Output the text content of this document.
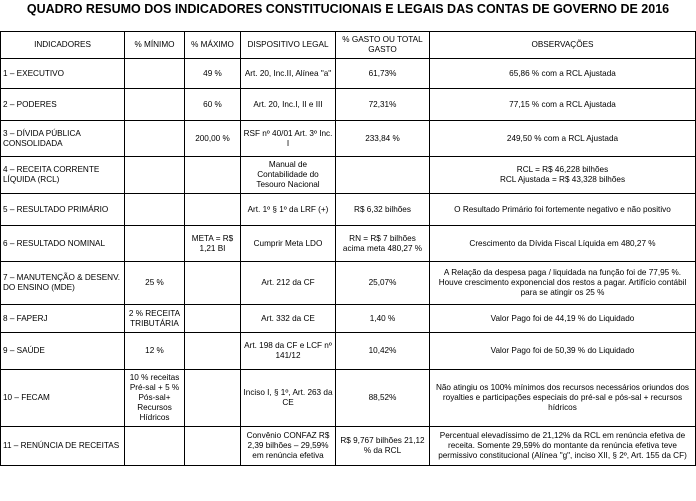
QUADRO RESUMO DOS INDICADORES CONSTITUCIONAIS E LEGAIS DAS CONTAS DE GOVERNO DE 2016
INDICADORES	% MÍNIMO	% MÁXIMO	DISPOSITIVO LEGAL	% GASTO OU TOTAL GASTO	OBSERVAÇÕES
1 – EXECUTIVO		49 %	Art. 20, Inc.II, Alínea "a"	61,73%	65,86 % com a RCL Ajustada
2 – PODERES		60 %	Art. 20, Inc.I, II e III	72,31%	77,15 % com a RCL Ajustada
3 – DÍVIDA PÚBLICA CONSOLIDADA		200,00 %	RSF nº 40/01 Art. 3º Inc. I	233,84 %	249,50 % com a RCL Ajustada
4 – RECEITA CORRENTE LÍQUIDA (RCL)			Manual de Contabilidade do Tesouro Nacional		RCL = R$ 46,228 bilhões
RCL Ajustada = R$ 43,328 bilhões

5 – RESULTADO PRIMÁRIO			Art. 1º § 1º da LRF (+)	R$ 6,32 bilhões	O Resultado Primário foi fortemente negativo e não positivo
6 – RESULTADO NOMINAL		META = R$ 1,21 BI	Cumprir Meta LDO	RN = R$ 7 bilhões acima meta 480,27 %	Crescimento da Dívida Fiscal Líquida em 480,27 %
7 – MANUTENÇÃO & DESENV. DO ENSINO (MDE)	25 %		Art. 212 da CF	25,07%	A Relação da despesa paga / liquidada na função foi de 77,95 %. Houve crescimento exponencial dos restos a pagar. Artifício contábil para se atingir os 25 %
8 – FAPERJ	2 % RECEITA TRIBUTÁRIA		Art. 332 da CE	1,40 %	Valor Pago foi de 44,19 % do Liquidado
9 – SAÚDE	12 %		Art. 198 da CF e LCF nº 141/12	10,42%	Valor Pago foi de 50,39 % do Liquidado
10 – FECAM	10 % receitas Pré-sal + 5 % Pós-sal+ Recursos Hídricos		Inciso I, § 1º, Art. 263 da CE	88,52%	Não atingiu os 100% mínimos dos recursos necessários oriundos dos royalties e participações especiais do pré-sal e pós-sal + recursos hídricos
11 – RENÚNCIA DE RECEITAS			Convênio CONFAZ R$ 2,39 bilhões – 29,59% em renúncia efetiva	R$ 9,767 bilhões 21,12 % da RCL	Percentual elevadíssimo de 21,12% da RCL em renúncia efetiva de receita. Somente 29,59% do montante da renúncia efetiva teve permissivo constitucional (Alínea "g", inciso XII, § 2º, Art. 155 da CF)
